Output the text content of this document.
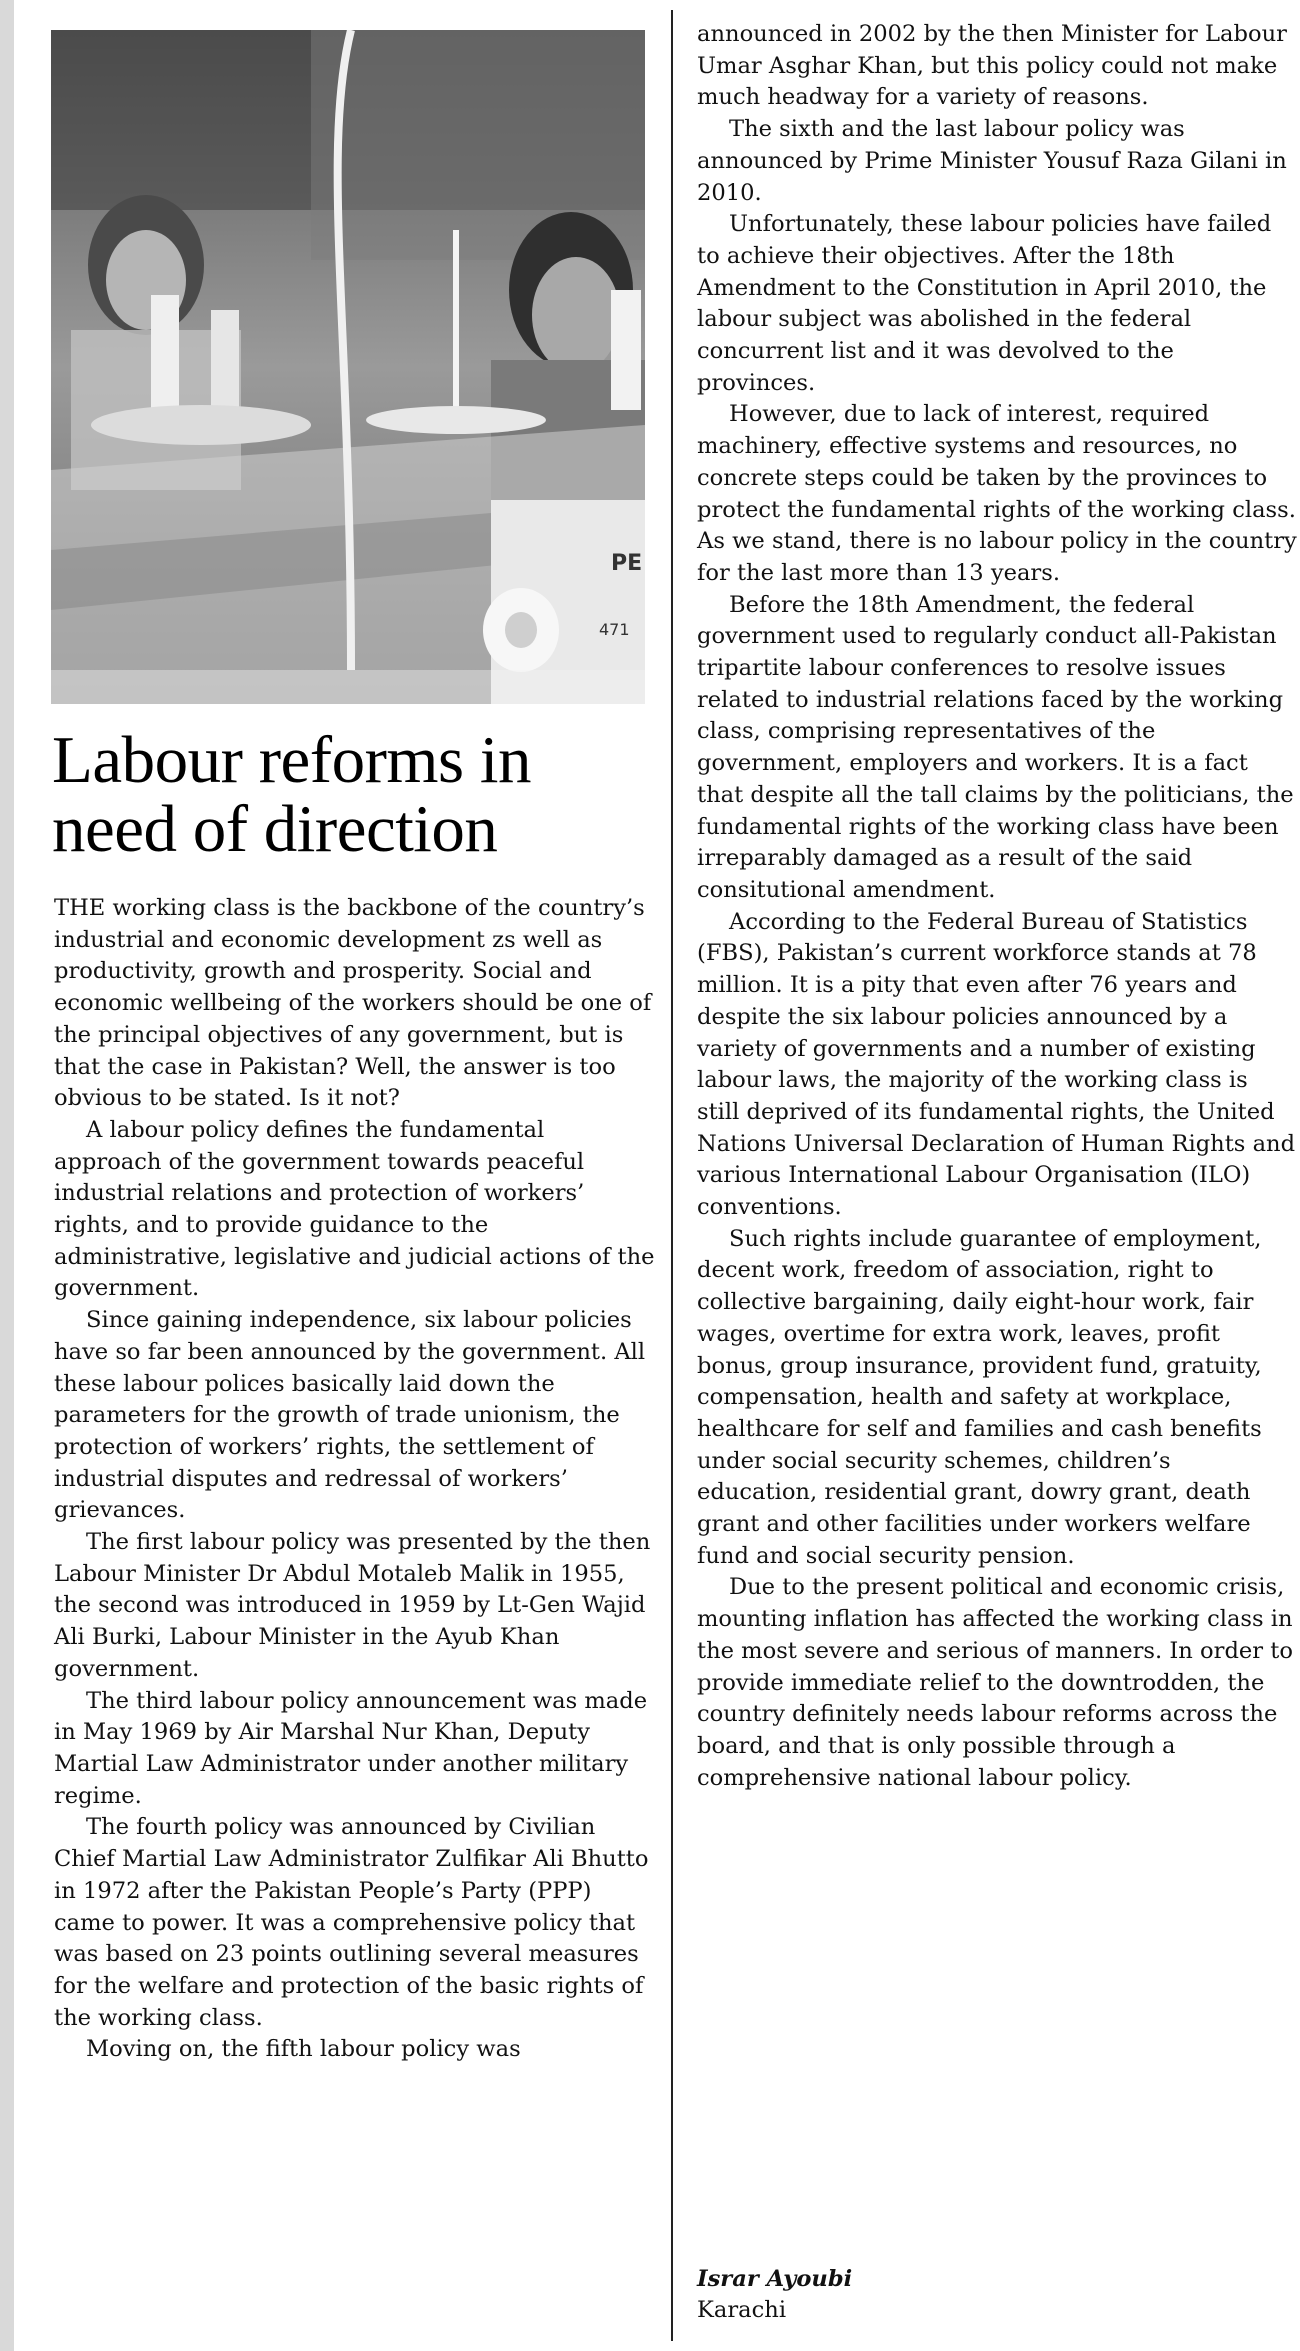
PE
471
Labour reforms in need of direction

THE working class is the backbone of the country’s industrial and economic development zs well as productivity, growth and prosperity. Social and economic wellbeing of the workers should be one of the principal objectives of any government, but is that the case in Pakistan? Well, the answer is too obvious to be stated. Is it not?

A labour policy defines the fundamental approach of the government towards peaceful industrial relations and protection of workers’ rights, and to provide guidance to the administrative, legislative and judicial actions of the government.

Since gaining independence, six labour policies have so far been announced by the government. All these labour polices basically laid down the parameters for the growth of trade unionism, the protection of workers’ rights, the settlement of industrial disputes and redressal of workers’ grievances.

The first labour policy was presented by the then Labour Minister Dr Abdul Motaleb Malik in 1955, the second was introduced in 1959 by Lt-Gen Wajid Ali Burki, Labour Minister in the Ayub Khan government.

The third labour policy announcement was made in May 1969 by Air Marshal Nur Khan, Deputy Martial Law Administrator under another military regime.

The fourth policy was announced by Civilian Chief Martial Law Administrator Zulfikar Ali Bhutto in 1972 after the Pakistan People’s Party (PPP) came to power. It was a comprehensive policy that was based on 23 points outlining several measures for the welfare and protection of the basic rights of the working class.

Moving on, the fifth labour policy was

announced in 2002 by the then Minister for Labour Umar Asghar Khan, but this policy could not make much headway for a variety of reasons.

The sixth and the last labour policy was announced by Prime Minister Yousuf Raza Gilani in 2010.

Unfortunately, these labour policies have failed to achieve their objectives. After the 18th Amendment to the Constitution in April 2010, the labour subject was abolished in the federal concurrent list and it was devolved to the provinces.

However, due to lack of interest, required machinery, effective systems and resources, no concrete steps could be taken by the provinces to protect the fundamental rights of the working class. As we stand, there is no labour policy in the country for the last more than 13 years.

Before the 18th Amendment, the federal government used to regularly conduct all-Pakistan tripartite labour conferences to resolve issues related to industrial relations faced by the working class, comprising representatives of the government, employers and workers. It is a fact that despite all the tall claims by the politicians, the fundamental rights of the working class have been irreparably damaged as a result of the said consitutional amendment.

According to the Federal Bureau of Statistics (FBS), Pakistan’s current workforce stands at 78 million. It is a pity that even after 76 years and despite the six labour policies announced by a variety of governments and a number of existing labour laws, the majority of the working class is still deprived of its fundamental rights, the United Nations Universal Declaration of Human Rights and various International Labour Organisation (ILO) conventions.

Such rights include guarantee of employment, decent work, freedom of association, right to collective bargaining, daily eight-hour work, fair wages, overtime for extra work, leaves, profit bonus, group insurance, provident fund, gratuity, compensation, health and safety at workplace, healthcare for self and families and cash benefits under social security schemes, children’s education, residential grant, dowry grant, death grant and other facilities under workers welfare fund and social security pension.

Due to the present political and economic crisis, mounting inflation has affected the working class in the most severe and serious of manners. In order to provide immediate relief to the downtrodden, the country definitely needs labour reforms across the board, and that is only possible through a comprehensive national labour policy.

Israr Ayoubi
Karachi
